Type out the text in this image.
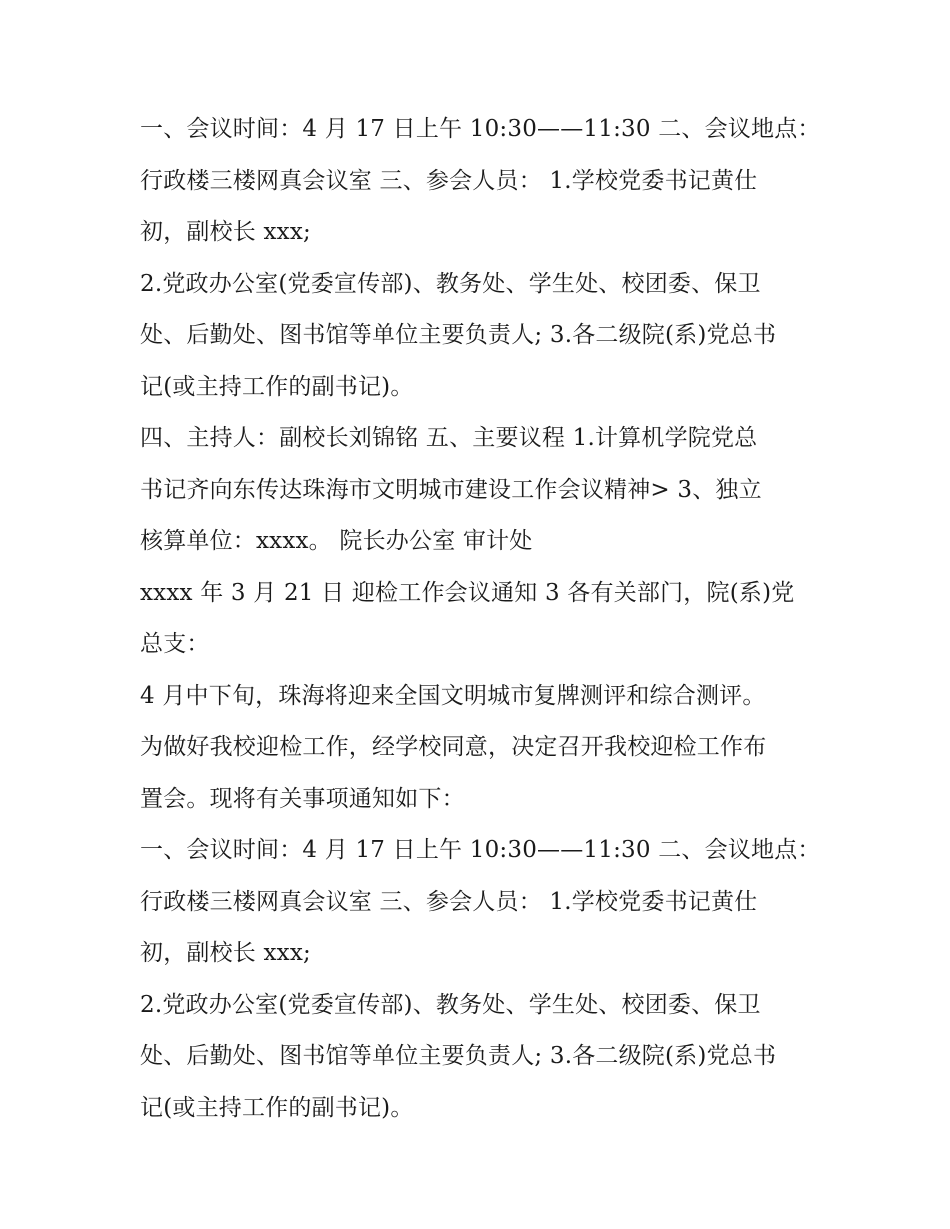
一、会议时间：4 月 17 日上午 10:30——11:30 二、会议地点：
行政楼三楼网真会议室 三、参会人员： 1.学校党委书记黄仕
初，副校长 xxx;
2.党政办公室(党委宣传部)、教务处、学生处、校团委、保卫
处、后勤处、图书馆等单位主要负责人; 3.各二级院(系)党总书
记(或主持工作的副书记)。
四、主持人：副校长刘锦铭 五、主要议程 1.计算机学院党总
书记齐向东传达珠海市文明城市建设工作会议精神> 3、独立
核算单位：xxxx。 院长办公室 审计处
xxxx 年 3 月 21 日 迎检工作会议通知 3 各有关部门，院(系)党
总支：
4 月中下旬，珠海将迎来全国文明城市复牌测评和综合测评。
为做好我校迎检工作，经学校同意，决定召开我校迎检工作布
置会。现将有关事项通知如下：
一、会议时间：4 月 17 日上午 10:30——11:30 二、会议地点：
行政楼三楼网真会议室 三、参会人员： 1.学校党委书记黄仕
初，副校长 xxx;
2.党政办公室(党委宣传部)、教务处、学生处、校团委、保卫
处、后勤处、图书馆等单位主要负责人; 3.各二级院(系)党总书
记(或主持工作的副书记)。
